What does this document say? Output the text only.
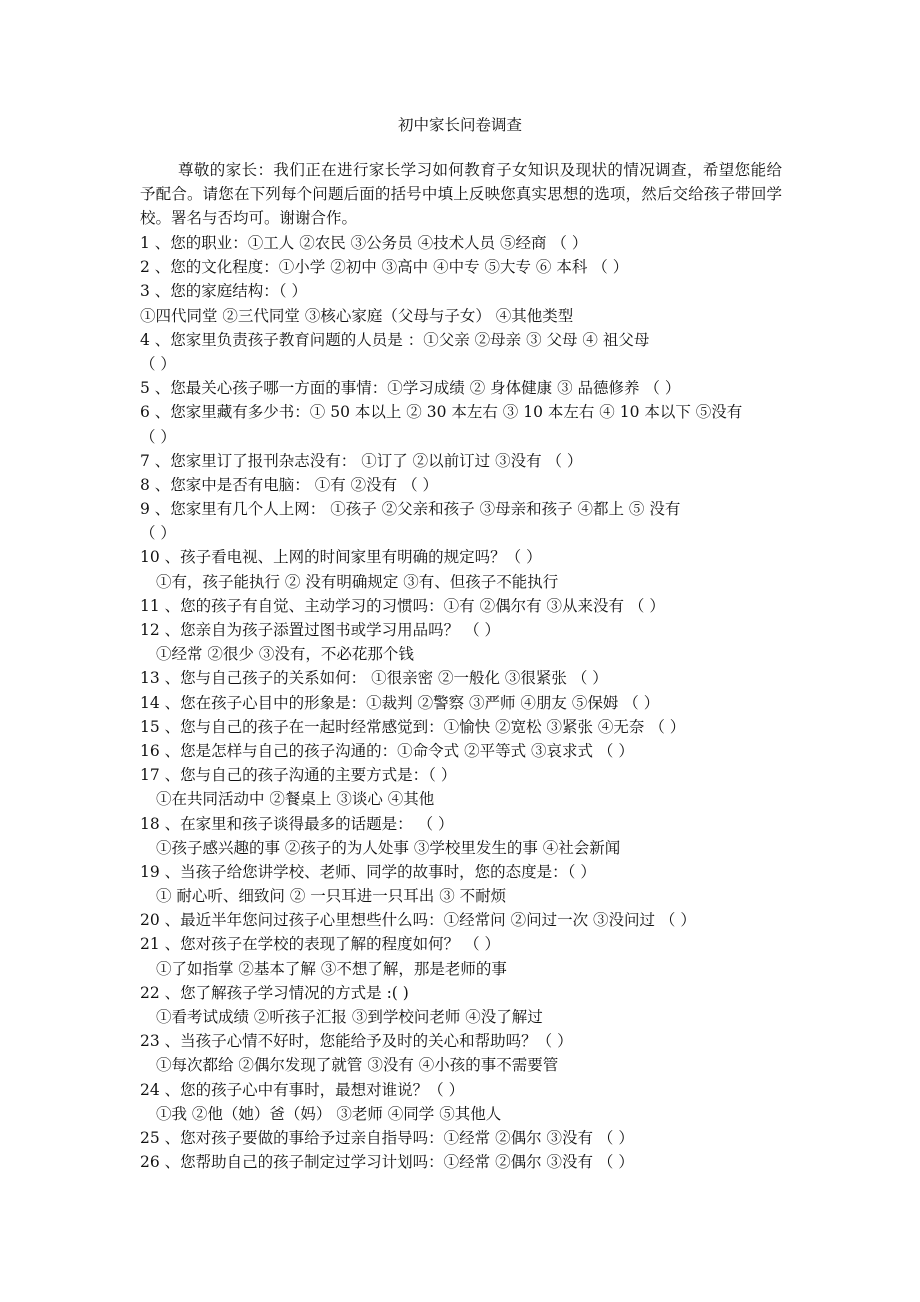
初中家长问卷调查
尊敬的家长：我们正在进行家长学习如何教育子女知识及现状的情况调查，希望您能给予配合。请您在下列每个问题后面的括号中填上反映您真实思想的选项，然后交给孩子带回学校。署名与否均可。谢谢合作。
1 、您的职业：①工人 ②农民 ③公务员 ④技术人员 ⑤经商 （ ）
2 、您的文化程度：①小学 ②初中 ③高中 ④中专 ⑤大专 ⑥ 本科 （ ）
3 、您的家庭结构：（ ）
①四代同堂 ②三代同堂 ③核心家庭（父母与子女） ④其他类型
4 、您家里负责孩子教育问题的人员是 ：①父亲 ②母亲 ③ 父母 ④ 祖父母
（ ）
5 、您最关心孩子哪一方面的事情：①学习成绩 ② 身体健康 ③ 品德修养 （ ）
6 、您家里藏有多少书：① 50 本以上 ② 30 本左右 ③ 10 本左右 ④ 10 本以下 ⑤没有
（ ）
7 、您家里订了报刊杂志没有： ①订了 ②以前订过 ③没有 （ ）
8 、您家中是否有电脑： ①有 ②没有 （ ）
9 、您家里有几个人上网： ①孩子 ②父亲和孩子 ③母亲和孩子 ④都上 ⑤ 没有
（ ）
10 、孩子看电视、上网的时间家里有明确的规定吗？（ ）
①有，孩子能执行 ② 没有明确规定 ③有、但孩子不能执行
11 、您的孩子有自觉、主动学习的习惯吗：①有 ②偶尔有 ③从来没有 （ ）
12 、您亲自为孩子添置过图书或学习用品吗？ （ ）
①经常 ②很少 ③没有，不必花那个钱
13 、您与自己孩子的关系如何： ①很亲密 ②一般化 ③很紧张 （ ）
14 、您在孩子心目中的形象是：①裁判 ②警察 ③严师 ④朋友 ⑤保姆 （ ）
15 、您与自己的孩子在一起时经常感觉到：①愉快 ②宽松 ③紧张 ④无奈 （ ）
16 、您是怎样与自己的孩子沟通的：①命令式 ②平等式 ③哀求式 （ ）
17 、您与自己的孩子沟通的主要方式是：（ ）
①在共同活动中 ②餐桌上 ③谈心 ④其他
18 、在家里和孩子谈得最多的话题是： （ ）
①孩子感兴趣的事 ②孩子的为人处事 ③学校里发生的事 ④社会新闻
19 、当孩子给您讲学校、老师、同学的故事时，您的态度是：（ ）
① 耐心听、细致问 ② 一只耳进一只耳出 ③ 不耐烦
20 、最近半年您问过孩子心里想些什么吗：①经常问 ②问过一次 ③没问过 （ ）
21 、您对孩子在学校的表现了解的程度如何？ （ ）
①了如指掌 ②基本了解 ③不想了解，那是老师的事
22 、您了解孩子学习情况的方式是 :( )
①看考试成绩 ②听孩子汇报 ③到学校问老师 ④没了解过
23 、当孩子心情不好时，您能给予及时的关心和帮助吗？（ ）
①每次都给 ②偶尔发现了就管 ③没有 ④小孩的事不需要管
24 、您的孩子心中有事时，最想对谁说？（ ）
①我 ②他（她）爸（妈） ③老师 ④同学 ⑤其他人
25 、您对孩子要做的事给予过亲自指导吗：①经常 ②偶尔 ③没有 （ ）
26 、您帮助自己的孩子制定过学习计划吗：①经常 ②偶尔 ③没有 （ ）
